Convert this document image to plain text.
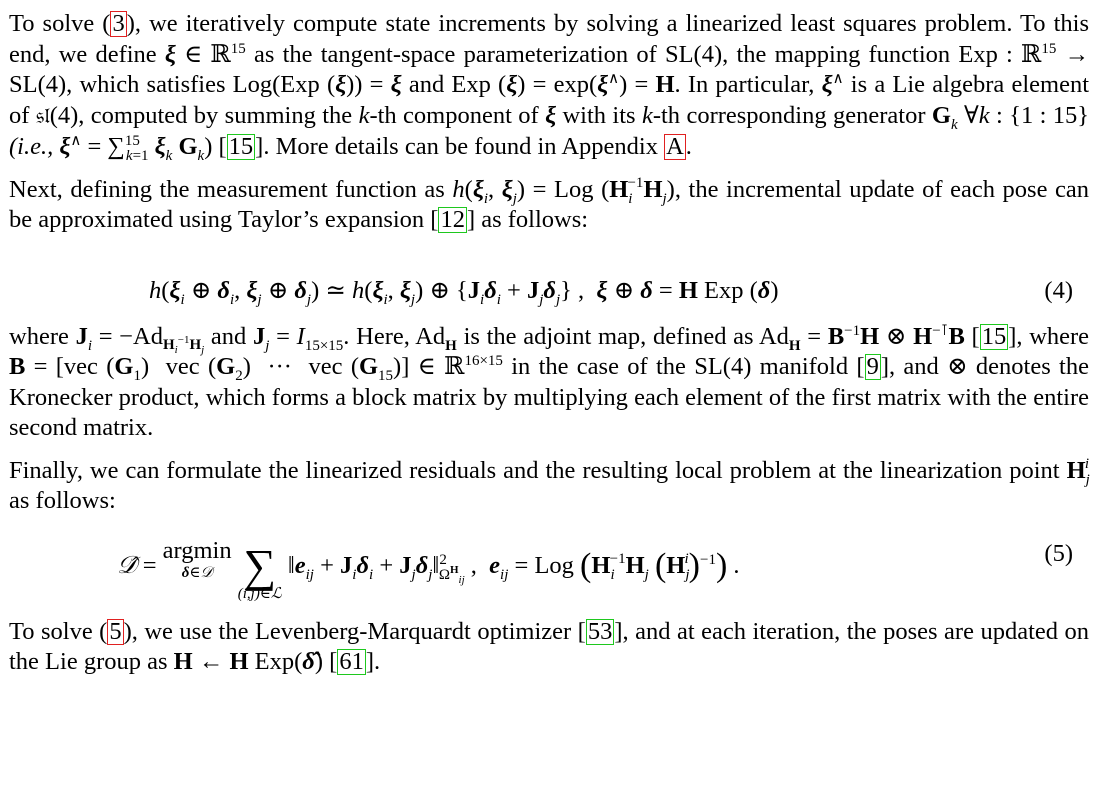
To solve (3), we iteratively compute state increments by solving a linearized least squares problem. To this end, we define ξ ∈ ℝ$^{15}$ as the tangent-space parameterization of SL(4), the mapping function Exp : ℝ$^{15}$ → SL(4), which satisfies Log(Exp (ξ)) = ξ and Exp (ξ) = exp(ξ∧) = H. In particular, ξ∧ is a Lie algebra element of 𝔰𝔩(4), computed by summing the k-th component of ξ with its k-th corresponding generator $G_k$ ∀k : {1 : 15} (i.e., ξ∧ = ∑$^{15}_{k=1}$ $\xi_k$ $G_k$) [15]. More details can be found in Appendix A.

Next, defining the measurement function as $h(\xi_i$, $\xi_j$) = Log $(H_i^{-1}H_j)$, the incremental update of each pose can be approximated using Taylor’s expansion [12] as follows:

$h(\xi_i$ ⊕ $\delta_i$, $\xi_j$ ⊕ $\delta_j$) ≃ $h(\xi_i$, $\xi_j$) ⊕ $\{J_i\delta_i + J_j\delta_j\}$ ,  ξ ⊕ δ = H Exp (δ)	(4)

where $J_i = -Ad_{H_i^{-1}H_j}$ and $J_j = I_{15\times 15}$. Here, $Ad_H$ is the adjoint map, defined as $Ad_H = B^{-1}H$ ⊗ H−⊺B [15], where B = [vec $(G_1)$  vec $(G_2)$  ···  vec $(G_{15})$] ∈ ℝ$^{16\times 15}$ in the case of the SL(4) manifold [9], and ⊗ denotes the Kronecker product, which forms a block matrix by multiplying each element of the first matrix with the entire second matrix.

Finally, we can formulate the linearized residuals and the resulting local problem at the linearization point $H_j^i$ as follows:

𝒟̂ = argmin
δ∈𝒟
∑
(i,j)∈ℒ
$‖e_{ij} + J_i\delta_i$ + $J_j\delta_j‖^2_{\Omega^H_{ij}}$ ,  $e_{ij}$ = Log ($H_i^{-1}H_j$ $(H_j^i)^{-1}$) .	(5)

To solve (5), we use the Levenberg-Marquardt optimizer [53], and at each iteration, the poses are updated on the Lie group as H ← H Exp(δ̂) [61].
